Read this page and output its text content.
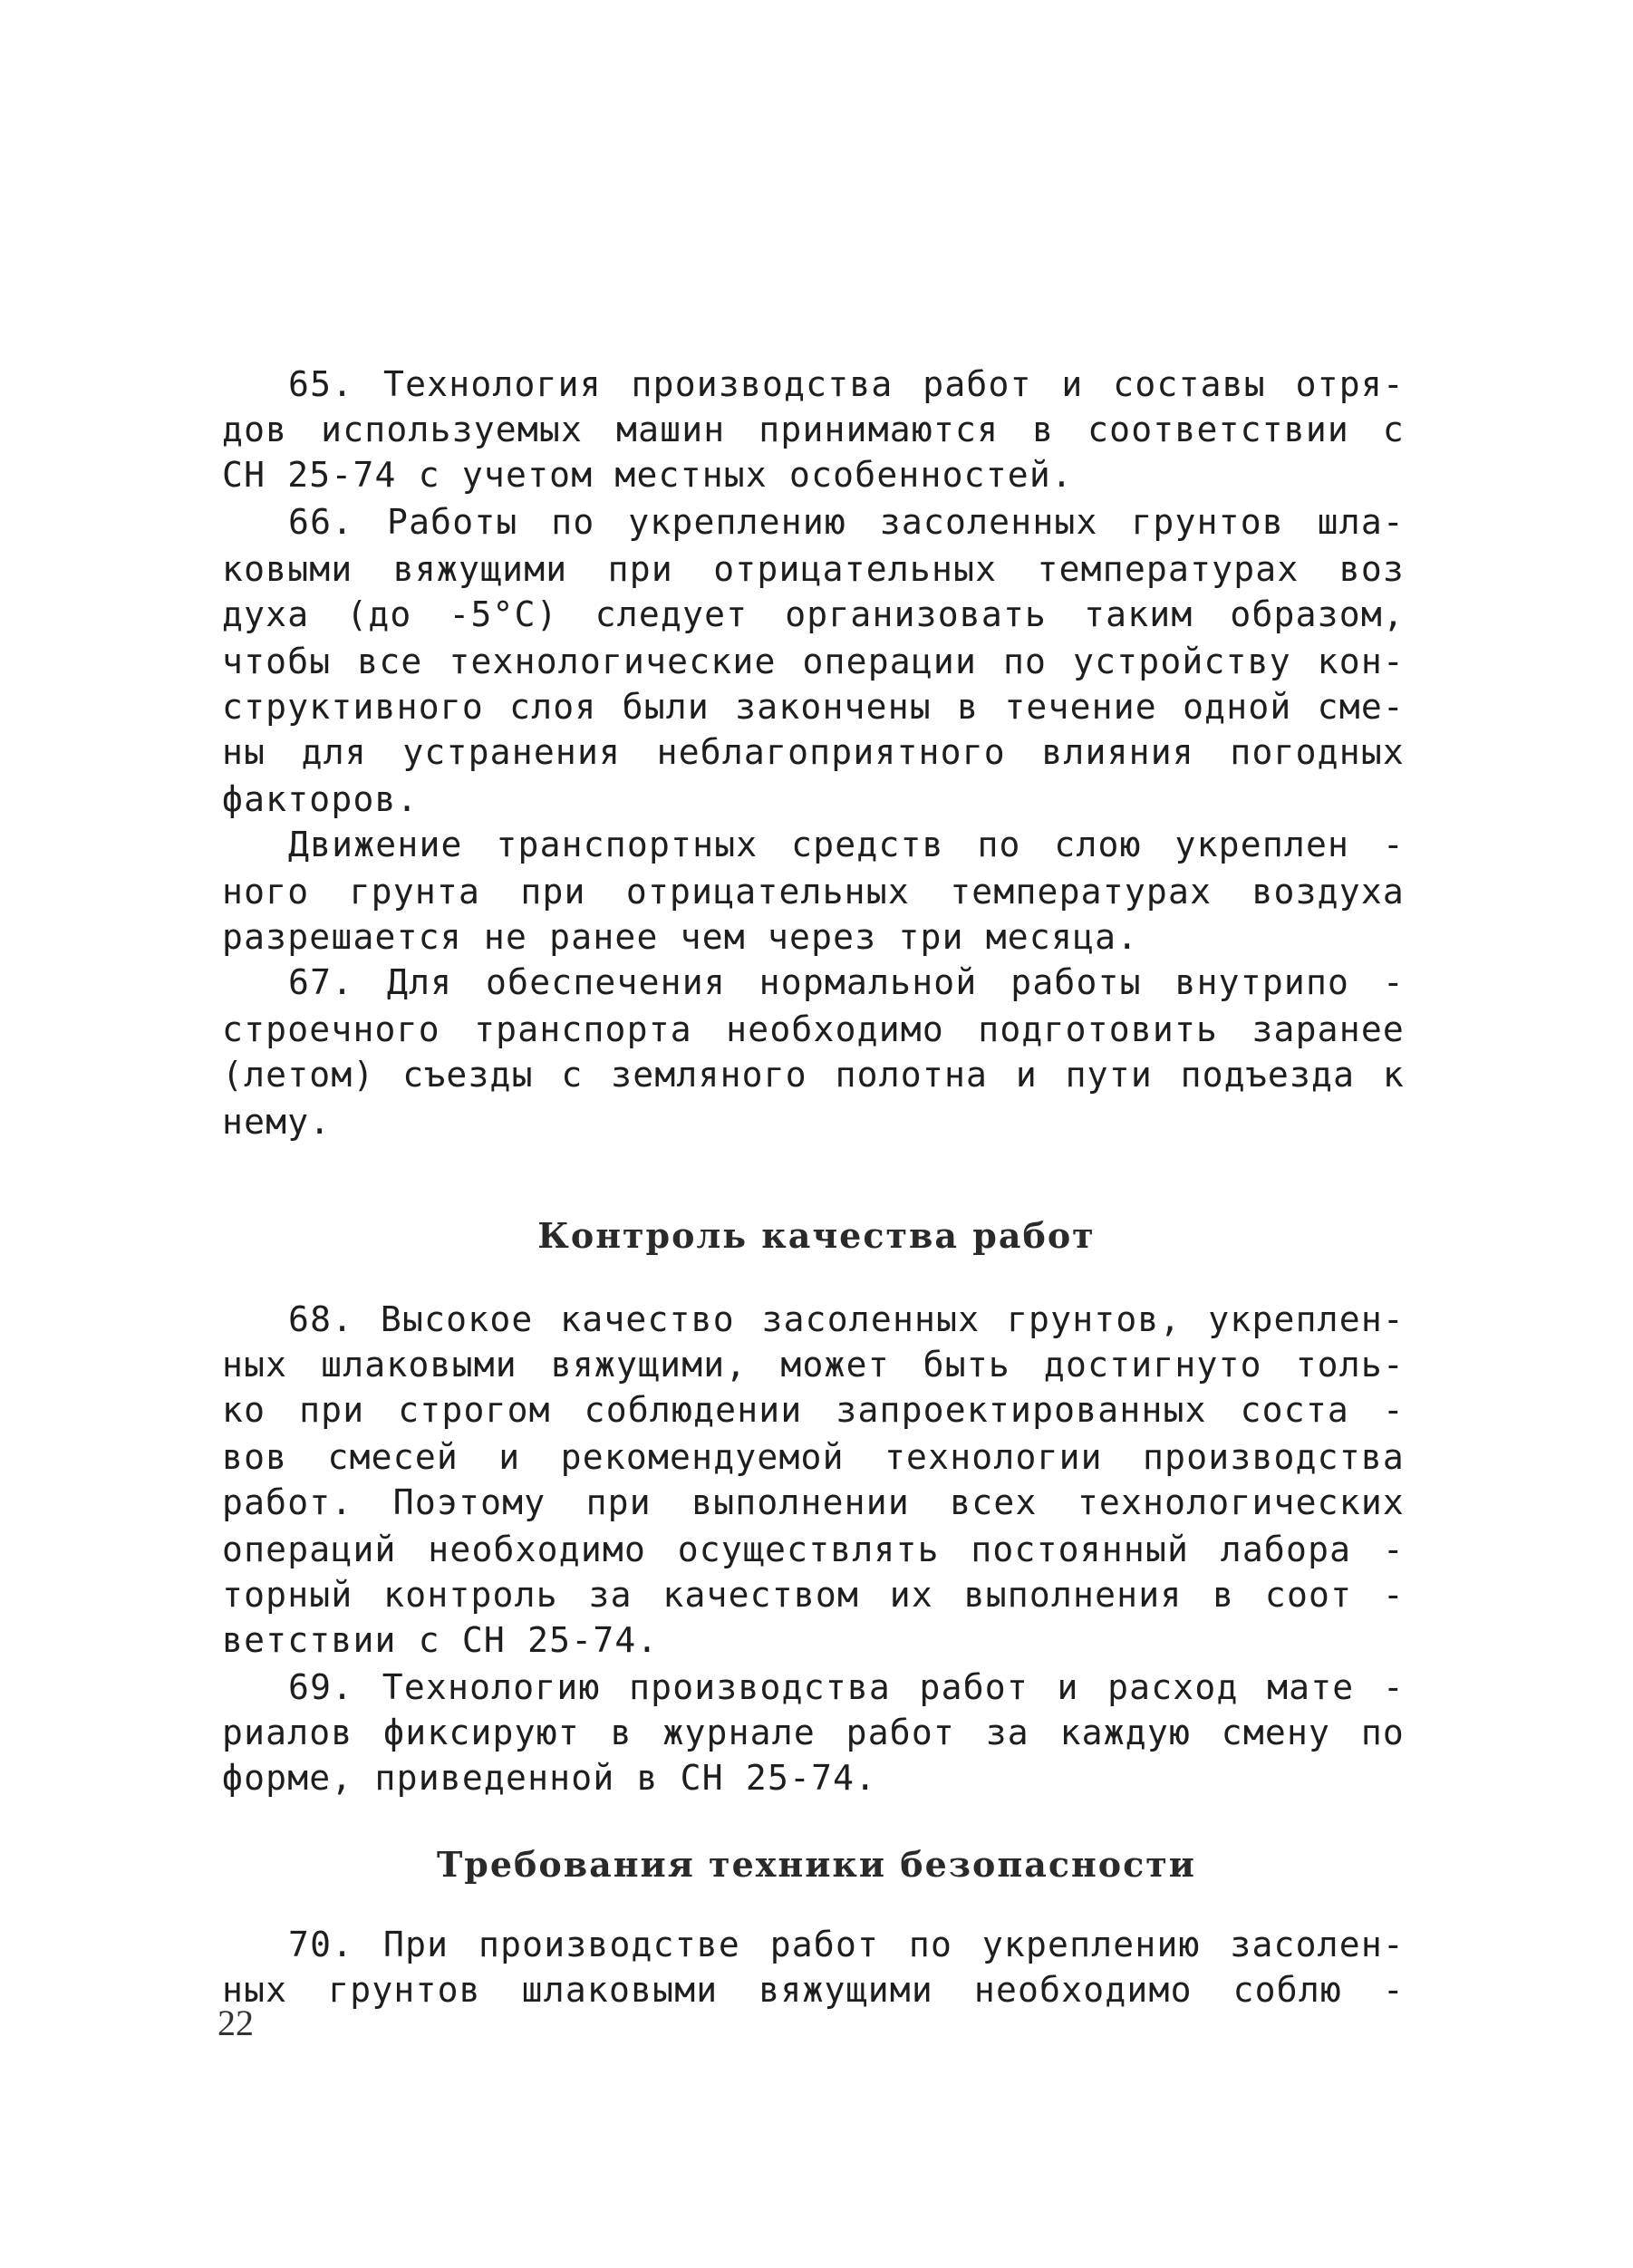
65. Технология производства работ и составы отря-
дов используемых машин принимаются в соответствии с
СН 25-74 с учетом местных особенностей.
66. Работы по укреплению засоленных грунтов шла-
ковыми вяжущими при отрицательных температурах воз
духа (до -5°С) следует организовать таким образом,
чтобы все технологические операции по устройству кон-
структивного слоя были закончены в течение одной сме-
ны для устранения неблагоприятного влияния погодных
факторов.
Движение транспортных средств по слою укреплен -
ного грунта при отрицательных температурах воздуха
разрешается не ранее чем через три месяца.
67. Для обеспечения нормальной работы внутрипо -
строечного транспорта необходимо подготовить заранее
(летом) съезды с земляного полотна и пути подъезда к
нему.
Контроль качества работ
68. Высокое качество засоленных грунтов, укреплен-
ных шлаковыми вяжущими, может быть достигнуто толь-
ко при строгом соблюдении запроектированных соста -
вов смесей и рекомендуемой технологии производства
работ. Поэтому при выполнении всех технологических
операций необходимо осуществлять постоянный лабора -
торный контроль за качеством их выполнения в соот -
ветствии с СН 25-74.
69. Технологию производства работ и расход мате -
риалов фиксируют в журнале работ за каждую смену по
форме, приведенной в СН 25-74.
Требования техники безопасности
70. При производстве работ по укреплению засолен-
ных грунтов шлаковыми вяжущими необходимо соблю -
22
